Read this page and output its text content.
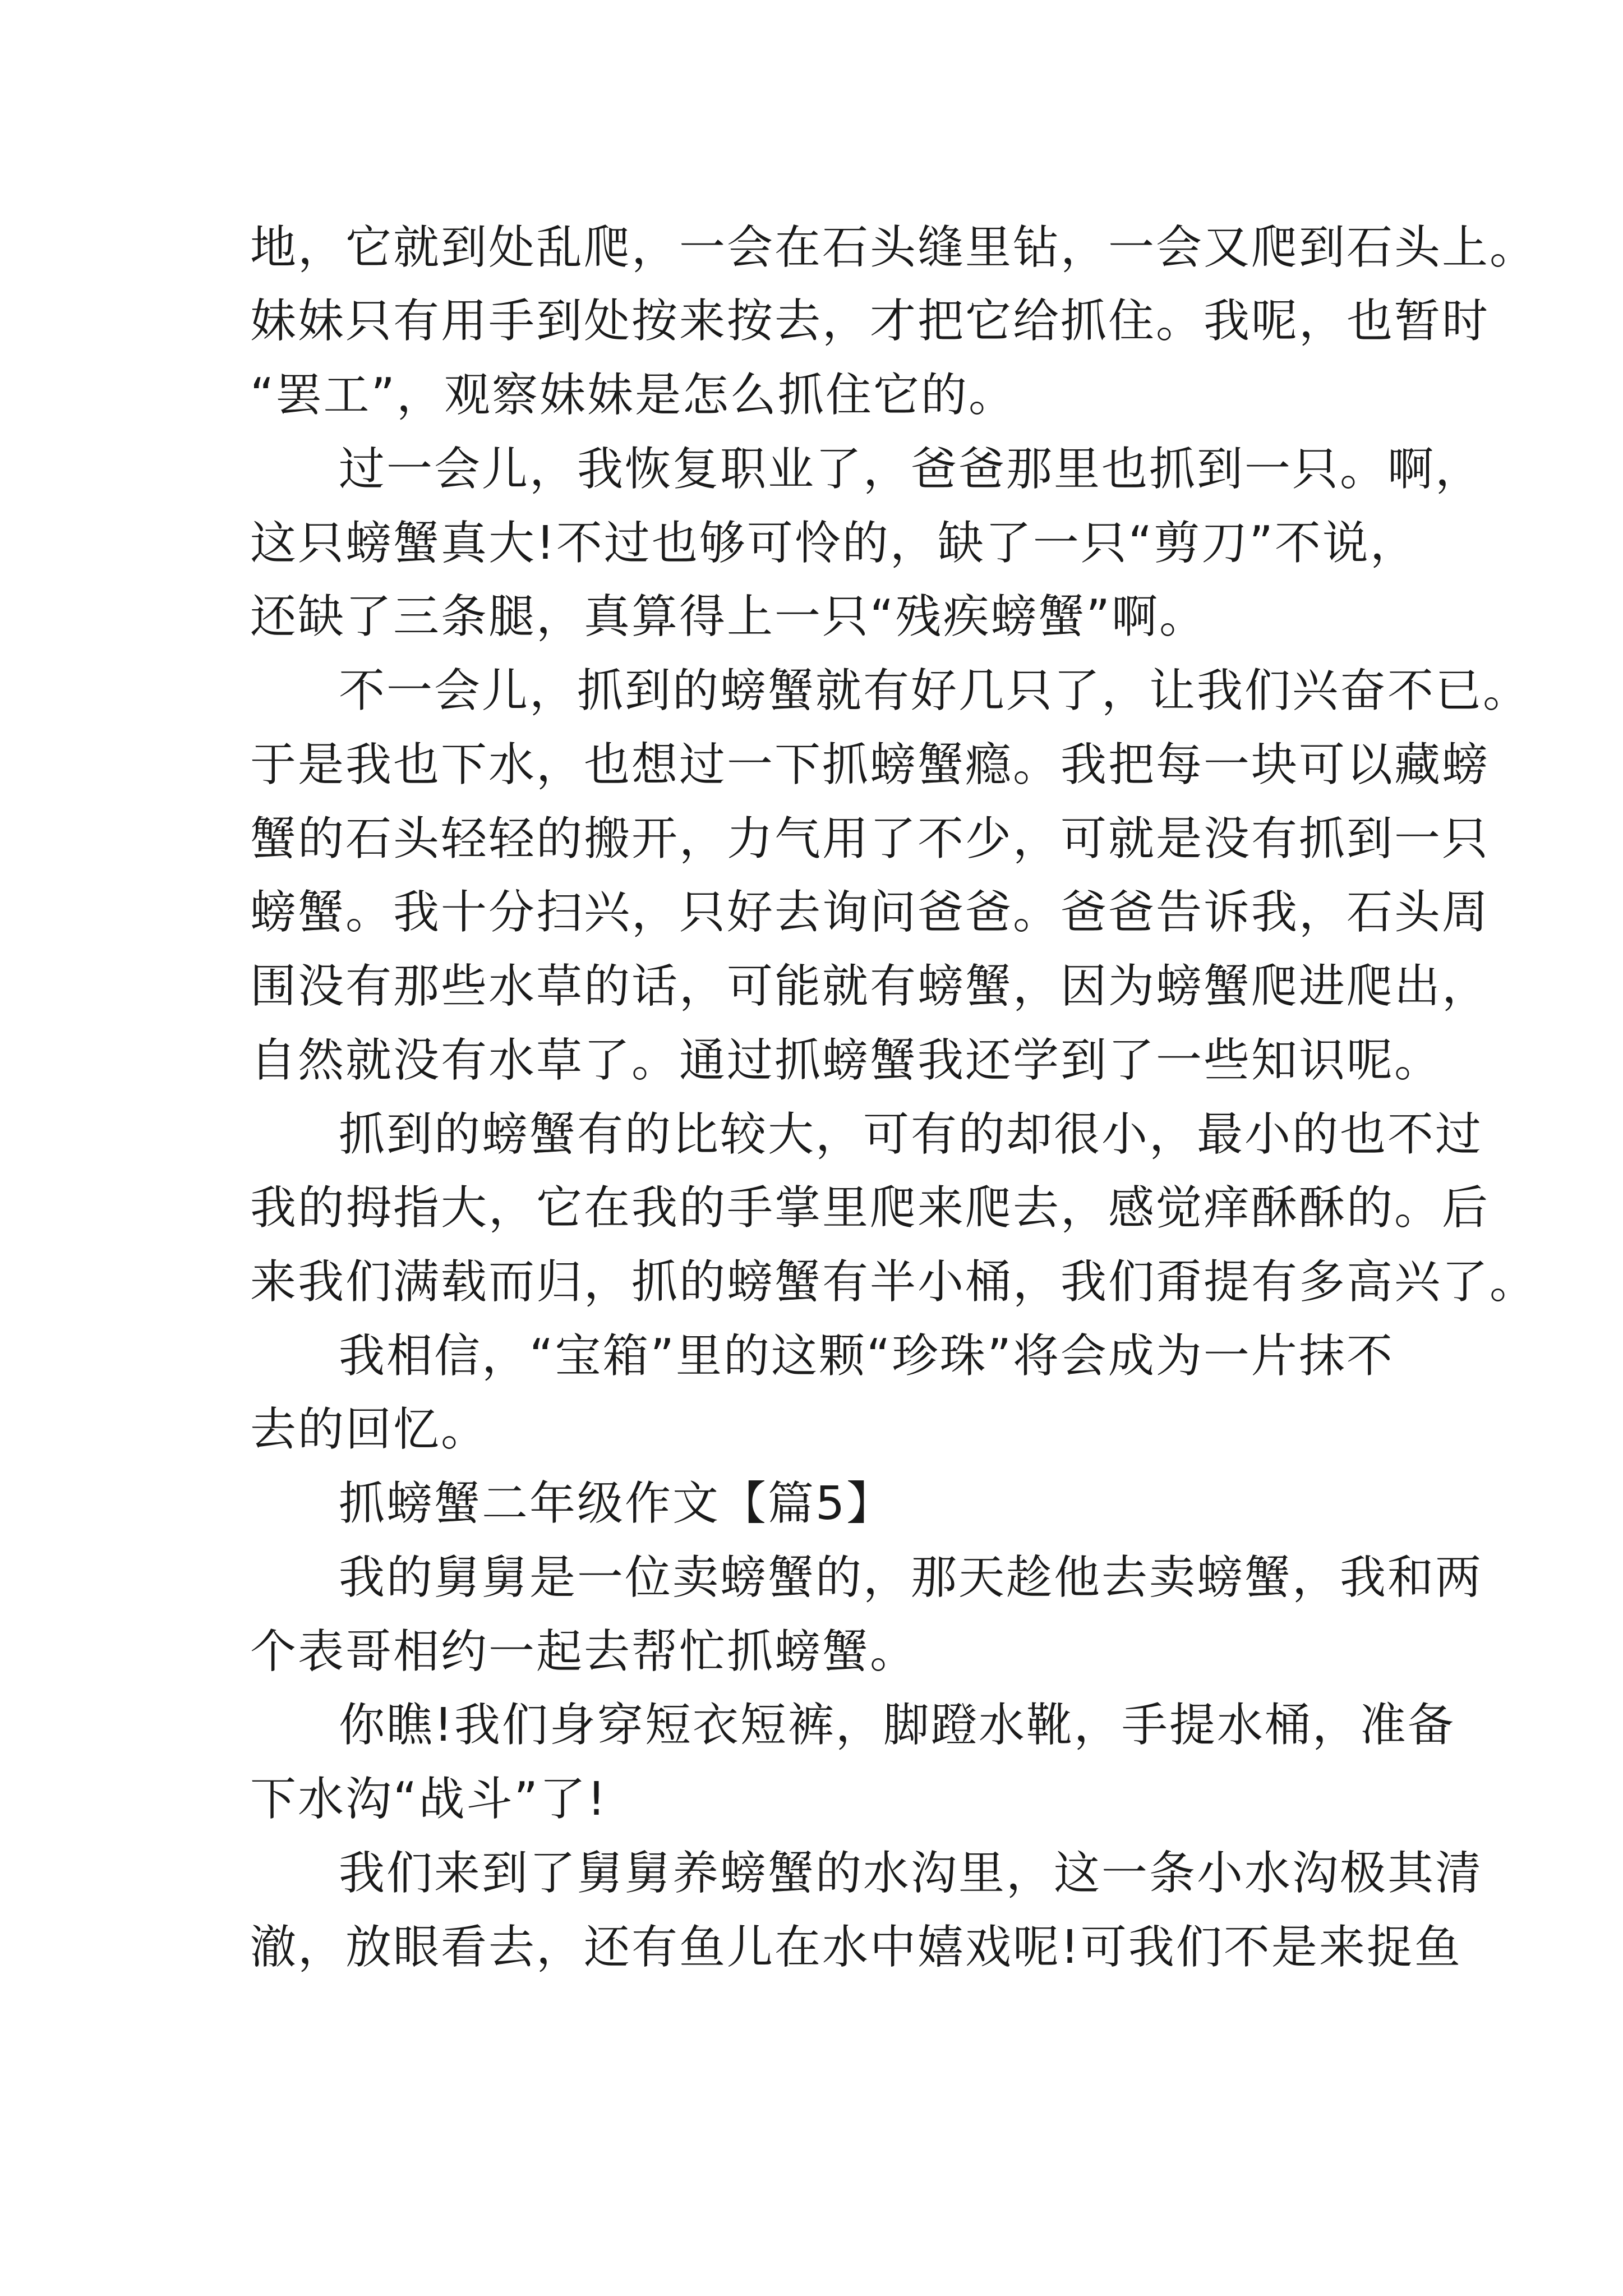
地，它就到处乱爬，一会在石头缝里钻，一会又爬到石头上。
妹妹只有用手到处按来按去，才把它给抓住。我呢，也暂时
“罢工”，观察妹妹是怎么抓住它的。
过一会儿，我恢复职业了，爸爸那里也抓到一只。啊，
这只螃蟹真大!不过也够可怜的，缺了一只“剪刀”不说，
还缺了三条腿，真算得上一只“残疾螃蟹”啊。
不一会儿，抓到的螃蟹就有好几只了，让我们兴奋不已。
于是我也下水，也想过一下抓螃蟹瘾。我把每一块可以藏螃
蟹的石头轻轻的搬开，力气用了不少，可就是没有抓到一只
螃蟹。我十分扫兴，只好去询问爸爸。爸爸告诉我，石头周
围没有那些水草的话，可能就有螃蟹，因为螃蟹爬进爬出，
自然就没有水草了。通过抓螃蟹我还学到了一些知识呢。
抓到的螃蟹有的比较大，可有的却很小，最小的也不过
我的拇指大，它在我的手掌里爬来爬去，感觉痒酥酥的。后
来我们满载而归，抓的螃蟹有半小桶，我们甭提有多高兴了。
我相信，“宝箱”里的这颗“珍珠”将会成为一片抹不
去的回忆。
抓螃蟹二年级作文【篇5】
我的舅舅是一位卖螃蟹的，那天趁他去卖螃蟹，我和两
个表哥相约一起去帮忙抓螃蟹。
你瞧!我们身穿短衣短裤，脚蹬水靴，手提水桶，准备
下水沟“战斗”了!
我们来到了舅舅养螃蟹的水沟里，这一条小水沟极其清
澈，放眼看去，还有鱼儿在水中嬉戏呢!可我们不是来捉鱼
